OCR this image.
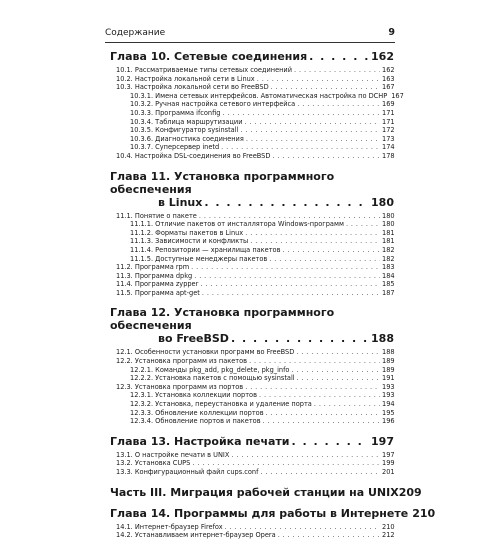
Содержание	9
Глава 10. Сетевые соединения . . .	162
10.1. Рассматриваемые типы сетевых соединений . . .	162
10.2. Настройка локальной сети в Linux . . .	163
10.3. Настройка локальной сети во FreeBSD . . .	167
10.3.1. Имена сетевых интерфейсов. Автоматическая настройка по DCHP 167
10.3.2. Ручная настройка сетевого интерфейса . . .	169
10.3.3. Программа ifconfig . . .	171
10.3.4. Таблица маршрутизации . . .	171
10.3.5. Конфигуратор sysinstall . . .	172
10.3.6. Диагностика соединения . . .	173
10.3.7. Суперсервер inetd . . .	174
10.4. Настройка DSL-соединения во FreeBSD . . .	178
Глава 11. Установка программного обеспечения
в Linux . . .	180
11.1. Понятие о пакете . . .	180
11.1.1. Отличие пакетов от инсталлятора Windows-программ . . .	180
11.1.2. Форматы пакетов в Linux . . .	181
11.1.3. Зависимости и конфликты . . .	181
11.1.4. Репозитории — хранилища пакетов . . .	182
11.1.5. Доступные менеджеры пакетов . . .	182
11.2. Программа rpm . . .	183
11.3. Программа dpkg . . .	184
11.4. Программа zypper . . .	185
11.5. Программа apt-get . . .	187
Глава 12. Установка программного обеспечения
во FreeBSD . . .	188
12.1. Особенности установки программ во FreeBSD . . .	188
12.2. Установка программ из пакетов . . .	189
12.2.1. Команды pkg_add, pkg_delete, pkg_info . . .	189
12.2.2. Установка пакетов с помощью sysinstall . . .	191
12.3. Установка программ из портов . . .	193
12.3.1. Установка коллекции портов . . .	193
12.3.2. Установка, переустановка и удаление порта . . .	194
12.3.3. Обновление коллекции портов . . .	195
12.3.4. Обновление портов и пакетов . . .	196
Глава 13. Настройка печати . . .	197
13.1. О настройке печати в UNIX . . .	197
13.2. Установка CUPS . . .	199
13.3. Конфигурационный файл cups.conf . . .	201
Часть III. Миграция рабочей станции на UNIX 209
Глава 14. Программы для работы в Интернете 210
14.1. Интернет-браузер Firefox . . .	210
14.2. Устанавливаем интернет-браузер Opera . . .	212
